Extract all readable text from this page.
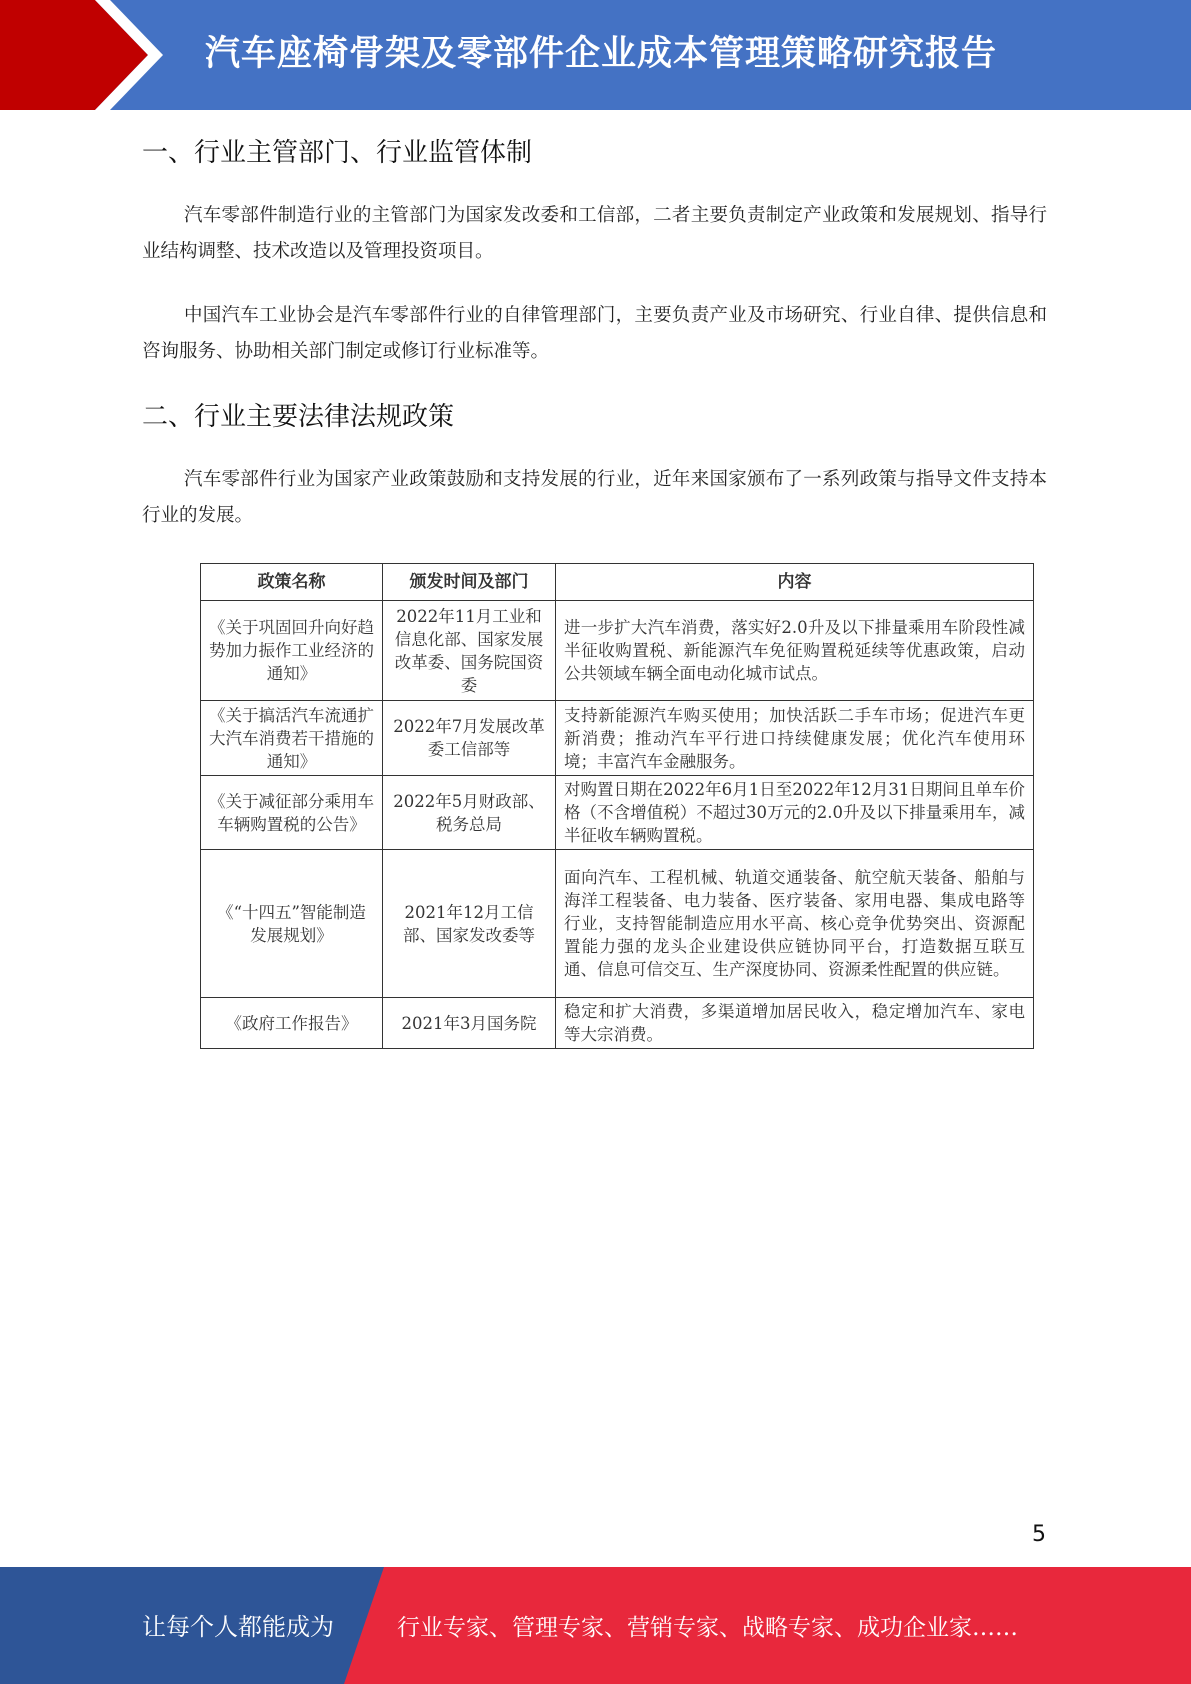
汽车座椅骨架及零部件企业成本管理策略研究报告
一、行业主管部门、行业监管体制
汽车零部件制造行业的主管部门为国家发改委和工信部，二者主要负责制定产业政策和发展规划、指导行业结构调整、技术改造以及管理投资项目。
中国汽车工业协会是汽车零部件行业的自律管理部门，主要负责产业及市场研究、行业自律、提供信息和咨询服务、协助相关部门制定或修订行业标准等。
二、行业主要法律法规政策
汽车零部件行业为国家产业政策鼓励和支持发展的行业，近年来国家颁布了一系列政策与指导文件支持本行业的发展。
政策名称	颁发时间及部门	内容
《关于巩固回升向好趋势加力振作工业经济的通知》	2022年11月工业和信息化部、国家发展改革委、国务院国资委	进一步扩大汽车消费，落实好2.0升及以下排量乘用车阶段性减半征收购置税、新能源汽车免征购置税延续等优惠政策，启动公共领域车辆全面电动化城市试点。
《关于搞活汽车流通扩大汽车消费若干措施的通知》	2022年7月发展改革委工信部等	支持新能源汽车购买使用；加快活跃二手车市场；促进汽车更新消费；推动汽车平行进口持续健康发展；优化汽车使用环境；丰富汽车金融服务。
《关于减征部分乘用车车辆购置税的公告》	2022年5月财政部、税务总局	对购置日期在2022年6月1日至2022年12月31日期间且单车价格（不含增值税）不超过30万元的2.0升及以下排量乘用车，减半征收车辆购置税。
《“十四五”智能制造发展规划》	2021年12月工信部、国家发改委等	面向汽车、工程机械、轨道交通装备、航空航天装备、船舶与海洋工程装备、电力装备、医疗装备、家用电器、集成电路等行业，支持智能制造应用水平高、核心竞争优势突出、资源配置能力强的龙头企业建设供应链协同平台，打造数据互联互通、信息可信交互、生产深度协同、资源柔性配置的供应链。
《政府工作报告》	2021年3月国务院	稳定和扩大消费，多渠道增加居民收入，稳定增加汽车、家电等大宗消费。
5
让每个人都能成为	行业专家、管理专家、营销专家、战略专家、成功企业家……
